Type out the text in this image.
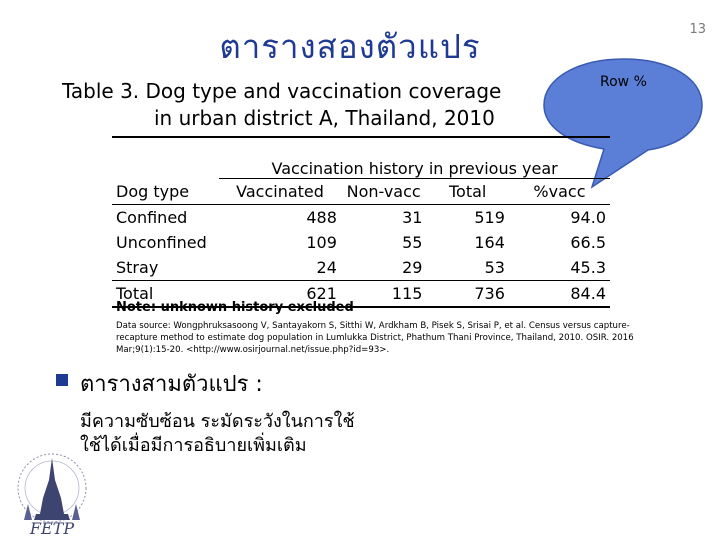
13
ตารางสองตัวแปร
Table 3. Dog type and vaccination coverage
in urban district A, Thailand, 2010
Row %
Dog type	Vaccination history in previous year			
	Vaccinated	Non-vacc	Total	%vacc
Confined	488	31	519	94.0
Unconfined	109	55	164	66.5
Stray	24	29	53	45.3
Total	621	115	736	84.4
Note: unknown history excluded
Data source: Wongphruksasoong V, Santayakorn S, Sitthi W, Ardkham B, Pisek S, Srisai P, et al. Census versus capture-recapture method to estimate dog population in Lumlukka District, Phathum Thani Province, Thailand, 2010. OSIR. 2016 Mar;9(1):15-20. <http://www.osirjournal.net/issue.php?id=93>.
ตารางสามตัวแปร :
มีความซับซ้อน ระมัดระวังในการใช้
ใช้ได้เมื่อมีการอธิบายเพิ่มเติม
FETP
